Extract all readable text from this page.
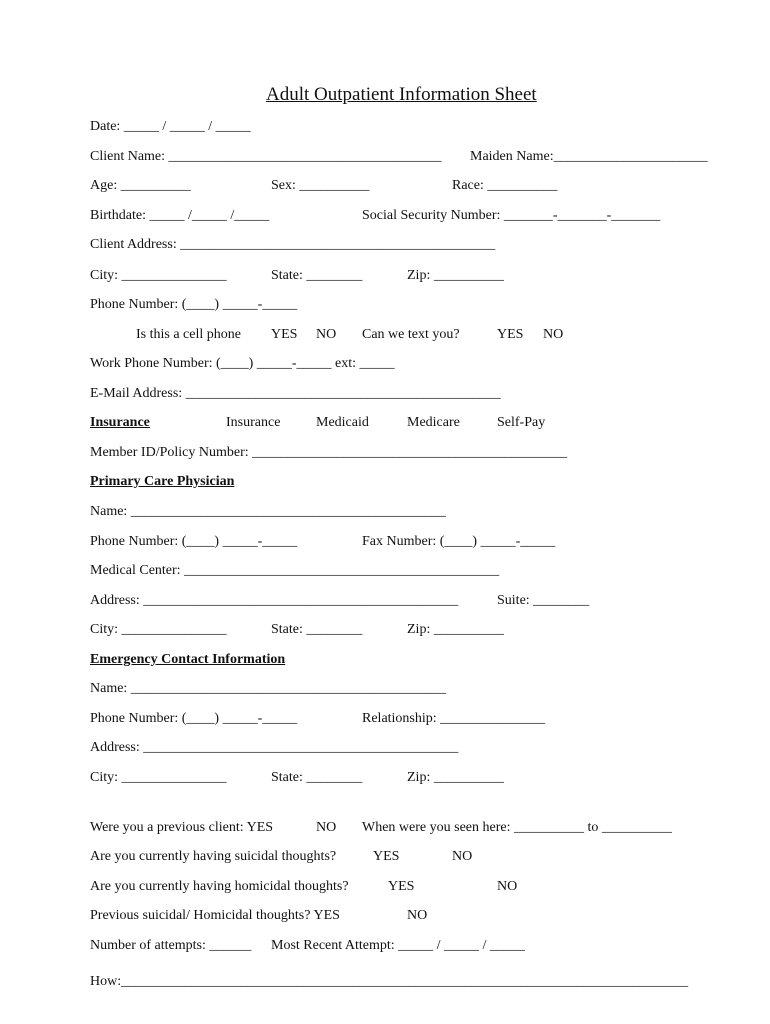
Adult Outpatient Information Sheet
Date: _____ / _____ / _____
Client Name: _______________________________________ Maiden Name:______________________
Age: __________	Sex: __________	Race: __________
Birthdate: _____ /_____ /_____	Social Security Number: _______-_______-_______
Client Address: _____________________________________________
City: _______________	State: ________	Zip: __________
Phone Number: (____) _____-_____
Is this a cell phone YES NO Can we text you?	YES NO
Work Phone Number: (____) _____-_____ ext: _____
E-Mail Address: _____________________________________________
Insurance	Insurance	Medicaid	Medicare	Self-Pay
Member ID/Policy Number: _____________________________________________
Primary Care Physician
Name: _____________________________________________
Phone Number: (____) _____-_____	Fax Number: (____) _____-_____
Medical Center: _____________________________________________
Address: _____________________________________________	Suite: ________
City: _______________	State: ________	Zip: __________
Emergency Contact Information
Name: _____________________________________________
Phone Number: (____) _____-_____	Relationship: _______________
Address: _____________________________________________
City: _______________	State: ________	Zip: __________
Were you a previous client: YES	NO When were you seen here: __________ to __________
Are you currently having suicidal thoughts?	YES	NO
Are you currently having homicidal thoughts?	YES	NO
Previous suicidal/ Homicidal thoughts? YES	NO
Number of attempts: ______ Most Recent Attempt: _____ / _____ / _____
How:_________________________________________________________________________________
